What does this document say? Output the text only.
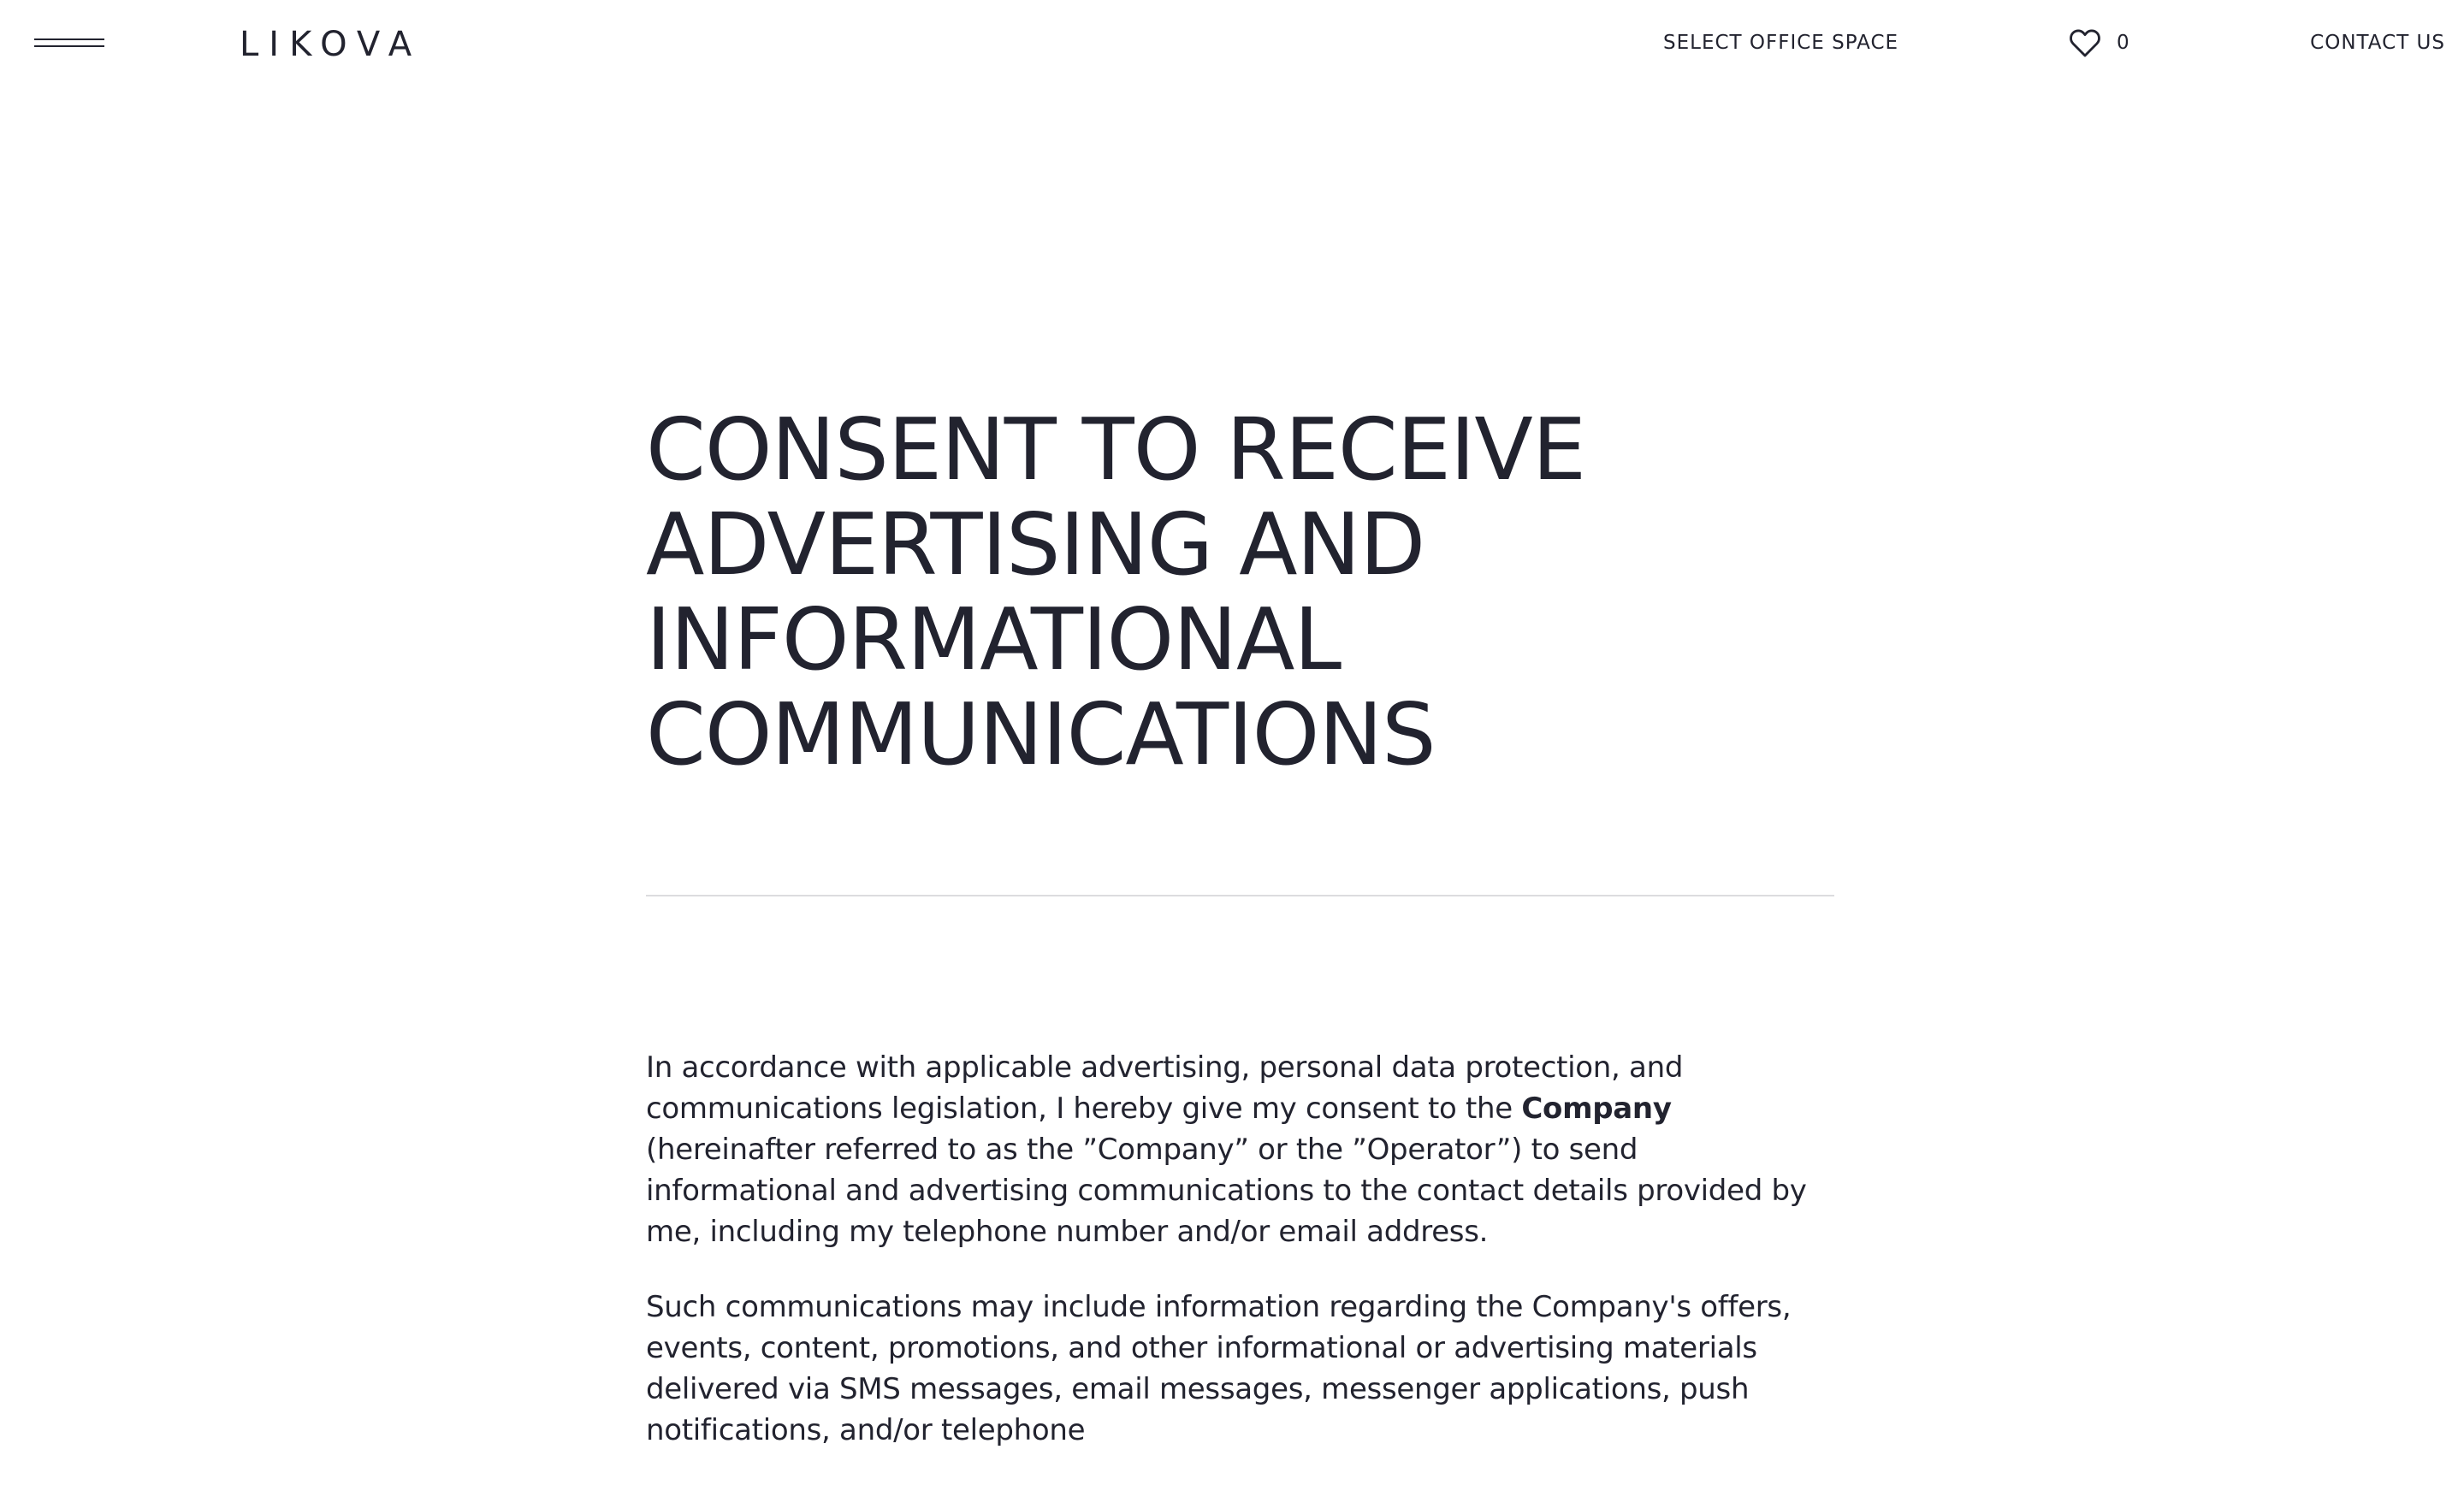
LIKOVA	SELECT OFFICE SPACE	0	CONTACT US
CONSENT TO RECEIVE ADVERTISING AND INFORMATIONAL COMMUNICATIONS

In accordance with applicable advertising, personal data protection, and communications legislation, I hereby give my consent to the Company (hereinafter referred to as the ”Company” or the ”Operator”) to send informational and advertising communications to the contact details provided by me, including my telephone number and/or email address.

Such communications may include information regarding the Company's offers, events, content, promotions, and other informational or advertising materials delivered via SMS messages, email messages, messenger applications, push notifications, and/or telephone
